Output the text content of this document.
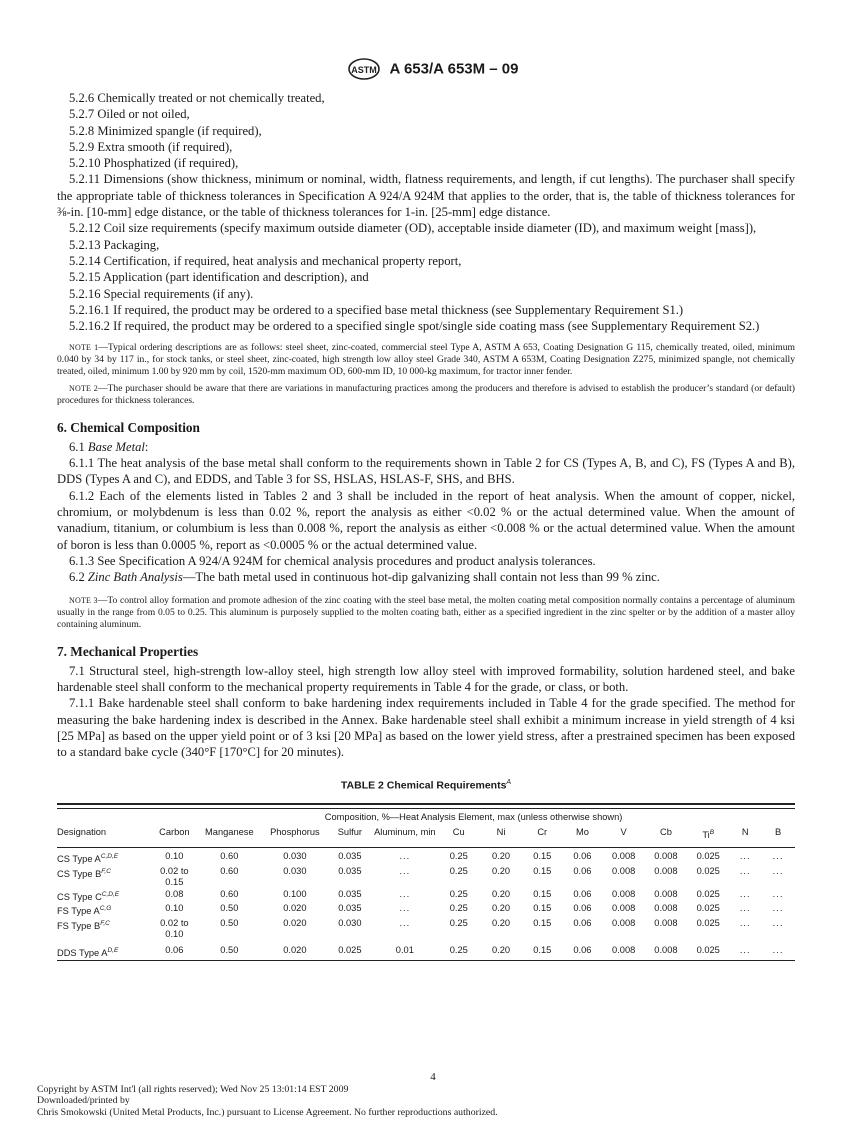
ASTM A 653/A 653M – 09

5.2.6 Chemically treated or not chemically treated,

5.2.7 Oiled or not oiled,

5.2.8 Minimized spangle (if required),

5.2.9 Extra smooth (if required),

5.2.10 Phosphatized (if required),

5.2.11 Dimensions (show thickness, minimum or nominal, width, flatness requirements, and length, if cut lengths). The purchaser shall specify the appropriate table of thickness tolerances in Specification A 924/A 924M that applies to the order, that is, the table of thickness tolerances for ⅜-in. [10-mm] edge distance, or the table of thickness tolerances for 1-in. [25-mm] edge distance.

5.2.12 Coil size requirements (specify maximum outside diameter (OD), acceptable inside diameter (ID), and maximum weight [mass]),

5.2.13 Packaging,

5.2.14 Certification, if required, heat analysis and mechanical property report,

5.2.15 Application (part identification and description), and

5.2.16 Special requirements (if any).

5.2.16.1 If required, the product may be ordered to a specified base metal thickness (see Supplementary Requirement S1.)

5.2.16.2 If required, the product may be ordered to a specified single spot/single side coating mass (see Supplementary Requirement S2.)

NOTE 1—Typical ordering descriptions are as follows: steel sheet, zinc-coated, commercial steel Type A, ASTM A 653, Coating Designation G 115, chemically treated, oiled, minimum 0.040 by 34 by 117 in., for stock tanks, or steel sheet, zinc-coated, high strength low alloy steel Grade 340, ASTM A 653M, Coating Designation Z275, minimized spangle, not chemically treated, oiled, minimum 1.00 by 920 mm by coil, 1520-mm maximum OD, 600-mm ID, 10 000-kg maximum, for tractor inner fender.

NOTE 2—The purchaser should be aware that there are variations in manufacturing practices among the producers and therefore is advised to establish the producer’s standard (or default) procedures for thickness tolerances.

6. Chemical Composition

6.1 Base Metal:

6.1.1 The heat analysis of the base metal shall conform to the requirements shown in Table 2 for CS (Types A, B, and C), FS (Types A and B), DDS (Types A and C), and EDDS, and Table 3 for SS, HSLAS, HSLAS-F, SHS, and BHS.

6.1.2 Each of the elements listed in Tables 2 and 3 shall be included in the report of heat analysis. When the amount of copper, nickel, chromium, or molybdenum is less than 0.02 %, report the analysis as either <0.02 % or the actual determined value. When the amount of vanadium, titanium, or columbium is less than 0.008 %, report the analysis as either <0.008 % or the actual determined value. When the amount of boron is less than 0.0005 %, report as <0.0005 % or the actual determined value.

6.1.3 See Specification A 924/A 924M for chemical analysis procedures and product analysis tolerances.

6.2 Zinc Bath Analysis—The bath metal used in continuous hot-dip galvanizing shall contain not less than 99 % zinc.

NOTE 3—To control alloy formation and promote adhesion of the zinc coating with the steel base metal, the molten coating metal composition normally contains a percentage of aluminum usually in the range from 0.05 to 0.25. This aluminum is purposely supplied to the molten coating bath, either as a specified ingredient in the zinc spelter or by the addition of a master alloy containing aluminum.

7. Mechanical Properties

7.1 Structural steel, high-strength low-alloy steel, high strength low alloy steel with improved formability, solution hardened steel, and bake hardenable steel shall conform to the mechanical property requirements in Table 4 for the grade, or class, or both.

7.1.1 Bake hardenable steel shall conform to bake hardening index requirements included in Table 4 for the grade specified. The method for measuring the bake hardening index is described in the Annex. Bake hardenable steel shall exhibit a minimum increase in yield strength of 4 ksi [25 MPa] as based on the upper yield point or of 3 ksi [20 MPa] as based on the lower yield stress, after a prestrained specimen has been exposed to a standard bake cycle (340°F [170°C] for 20 minutes).

TABLE 2 Chemical Requirements$^A$

	Composition, %—Heat Analysis Element, max (unless otherwise shown)													
Designation	Carbon	Manganese	Phosphorus	Sulfur	Aluminum, min	Cu	Ni	Cr	Mo	V	Cb	$Ti^B$	N	B

CS Type $A^{C,D,E}$	0.10	0.60	0.030	0.035	...	0.25	0.20	0.15	0.06	0.008	0.008	0.025	...	...
CS Type $B^{F,C}$	0.02 to 0.15	0.60	0.030	0.035	...	0.25	0.20	0.15	0.06	0.008	0.008	0.025	...	...
CS Type $C^{C,D,E}$	0.08	0.60	0.100	0.035	...	0.25	0.20	0.15	0.06	0.008	0.008	0.025	...	...
FS Type $A^{C,G}$	0.10	0.50	0.020	0.035	...	0.25	0.20	0.15	0.06	0.008	0.008	0.025	...	...
FS Type $B^{F,C}$	0.02 to 0.10	0.50	0.020	0.030	...	0.25	0.20	0.15	0.06	0.008	0.008	0.025	...	...
DDS Type $A^{D,E}$	0.06	0.50	0.020	0.025	0.01	0.25	0.20	0.15	0.06	0.008	0.008	0.025	...	...

4
Copyright by ASTM Int'l (all rights reserved); Wed Nov 25 13:01:14 EST 2009
Downloaded/printed by
Chris Smokowski (United Metal Products, Inc.) pursuant to License Agreement. No further reproductions authorized.
